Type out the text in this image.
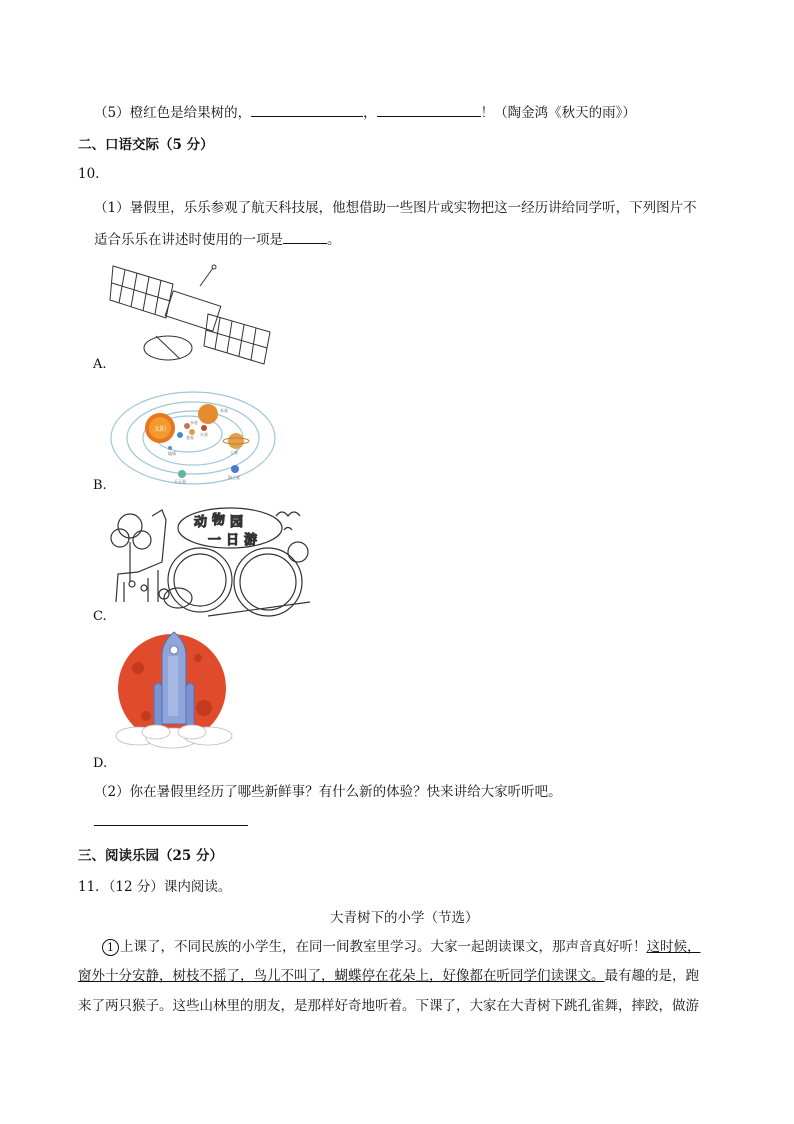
（5）橙红色是给果树的，	，	！（陶金鸿《秋天的雨》）
二、口语交际（5 分）
10.
（1）暑假里，乐乐参观了航天科技展，他想借助一些图片或实物把这一经历讲给同学听，下列图片不
适合乐乐在讲述时使用的一项是	。
A.
太阳
水星
金星
地球
火星
木星
土星
天王星
海王星
B.
动 物 园
一 日 游
C.
D.
（2）你在暑假里经历了哪些新鲜事？有什么新的体验？快来讲给大家听听吧。
三、阅读乐园（25 分）
11．（12 分）课内阅读。
大青树下的小学（节选）
1 上课了，不同民族的小学生，在同一间教室里学习。大家一起朗读课文，那声音真好听！这时候，
窗外十分安静，树枝不摇了，鸟儿不叫了，蝴蝶停在花朵上，好像都在听同学们读课文。最有趣的是，跑
来了两只猴子。这些山林里的朋友，是那样好奇地听着。下课了，大家在大青树下跳孔雀舞，摔跤，做游
